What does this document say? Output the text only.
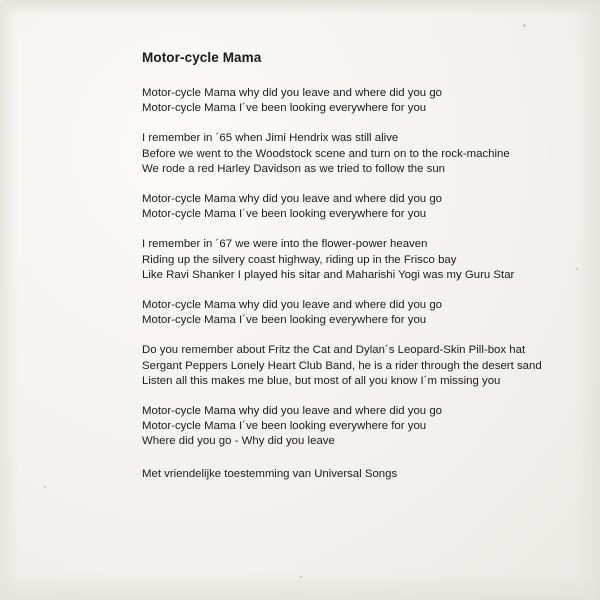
Motor-cycle Mama

Motor-cycle Mama why did you leave and where did you go
Motor-cycle Mama I´ve been looking everywhere for you

I remember in ´65 when Jimi Hendrix was still alive
Before we went to the Woodstock scene and turn on to the rock-machine
We rode a red Harley Davidson as we tried to follow the sun

Motor-cycle Mama why did you leave and where did you go
Motor-cycle Mama I´ve been looking everywhere for you

I remember in ´67 we were into the flower-power heaven
Riding up the silvery coast highway, riding up in the Frisco bay
Like Ravi Shanker I played his sitar and Maharishi Yogi was my Guru Star

Motor-cycle Mama why did you leave and where did you go
Motor-cycle Mama I´ve been looking everywhere for you

Do you remember about Fritz the Cat and Dylan´s Leopard-Skin Pill-box hat
Sergant Peppers Lonely Heart Club Band, he is a rider through the desert sand
Listen all this makes me blue, but most of all you know I´m missing you

Motor-cycle Mama why did you leave and where did you go
Motor-cycle Mama I´ve been looking everywhere for you
Where did you go - Why did you leave

Met vriendelijke toestemming van Universal Songs
